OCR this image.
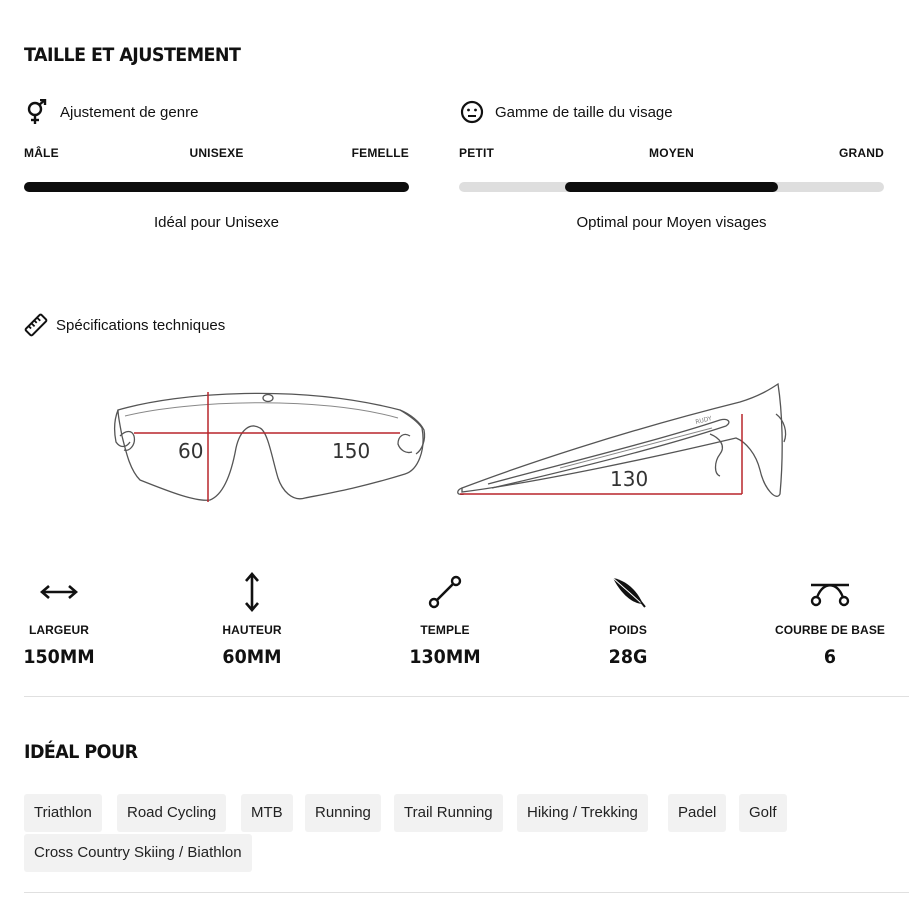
TAILLE ET AJUSTEMENT
Ajustement de genre
MÂLE	UNISEXE	FEMELLE
Idéal pour Unisexe
Gamme de taille du visage
PETIT	MOYEN	GRAND
Optimal pour Moyen visages
Spécifications techniques
60	150
RUDY
130
LARGEUR
150MM
HAUTEUR
60MM
TEMPLE
130MM
POIDS
28G
COURBE DE BASE
6
IDÉAL POUR
Triathlon	Road Cycling	MTB	Running	Trail Running	Hiking / Trekking	Padel	Golf
Cross Country Skiing / Biathlon
